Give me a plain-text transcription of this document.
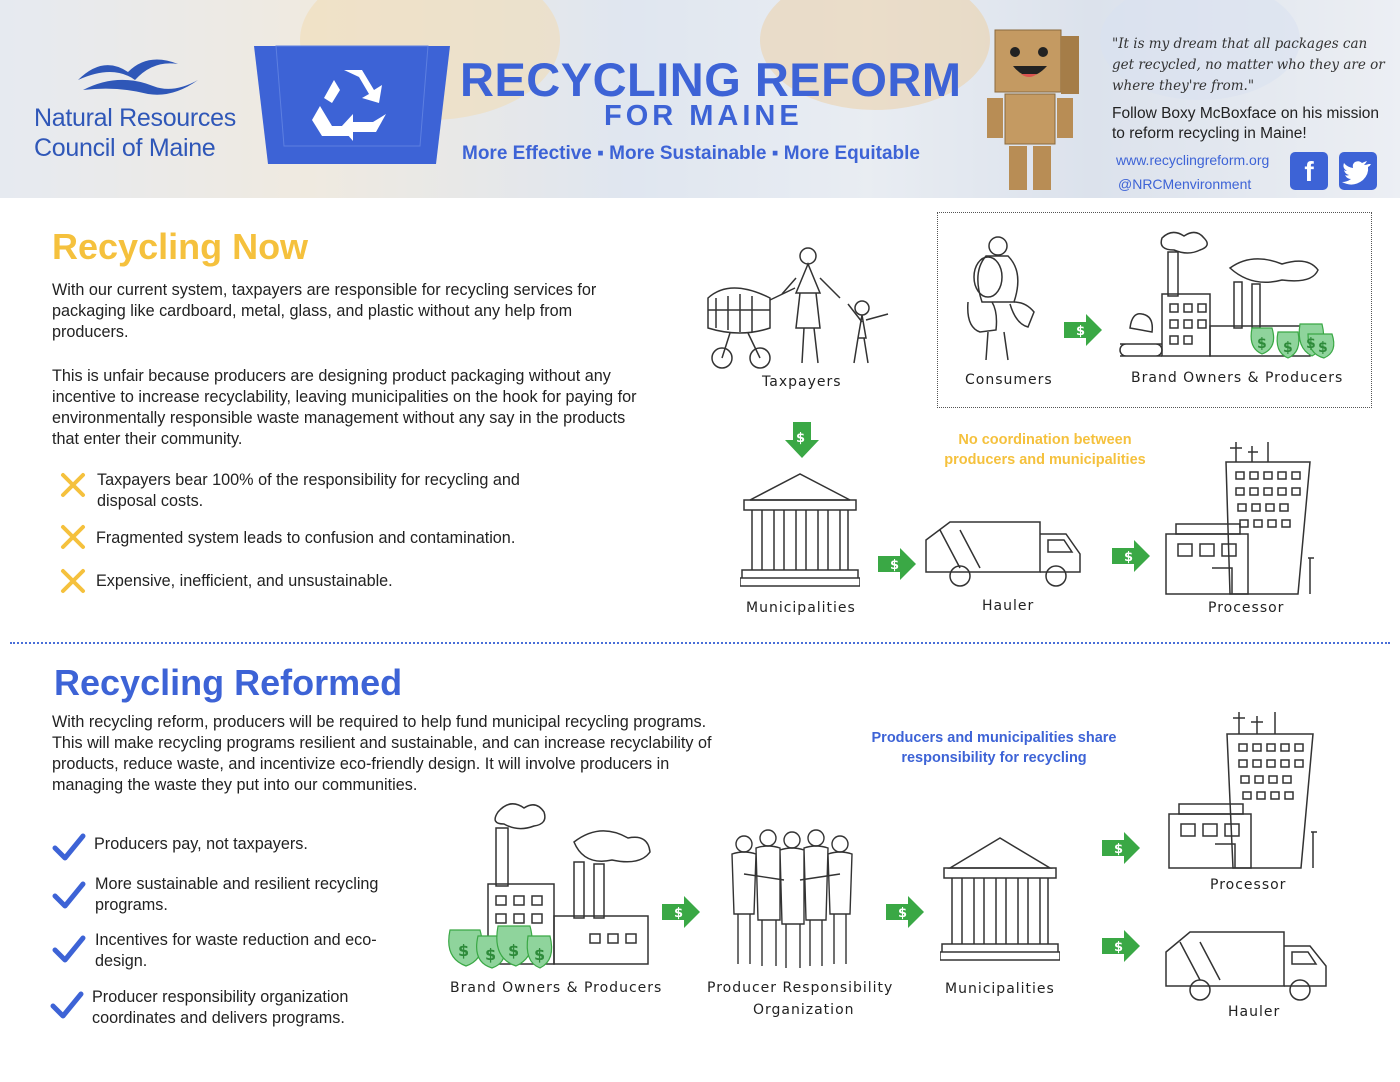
Natural Resources
Council of Maine
RECYCLING REFORM
FOR MAINE
More Effective ▪ More Sustainable ▪ More Equitable
"It is my dream that all packages can get recycled, no matter who they are or where they're from."
Follow Boxy McBoxface on his mission to reform recycling in Maine!
www.recyclingreform.org
@NRCMenvironment	f
Recycling Now
With our current system, taxpayers are responsible for recycling services for packaging like cardboard, metal, glass, and plastic without any help from producers.
This is unfair because producers are designing product packaging without any incentive to increase recyclability, leaving municipalities on the hook for paying for environmentally responsible waste management without any say in the products that enter their community.
Taxpayers bear 100% of the responsibility for recycling and disposal costs.
Fragmented system leads to confusion and contamination.
Expensive, inefficient, and unsustainable.
Taxpayers	Consumers
$ $ $ $
Brand Owners & Producers
$
$
$
$
No coordination between producers and municipalities
Municipalities	Hauler	Processor
Recycling Reformed
With recycling reform, producers will be required to help fund municipal recycling programs. This will make recycling programs resilient and sustainable, and can increase recyclability of products, reduce waste, and incentivize eco-friendly design. It will involve producers in managing the waste they put into our communities.
Producers pay, not taxpayers.
More sustainable and resilient recycling programs.
Incentives for waste reduction and eco-design.
Producer responsibility organization coordinates and delivers programs.
Producers and municipalities share responsibility for recycling
$ $ $ $
Brand Owners & Producers
$
Producer Responsibility
Organization
$
Municipalities
$
$
Processor
Hauler
